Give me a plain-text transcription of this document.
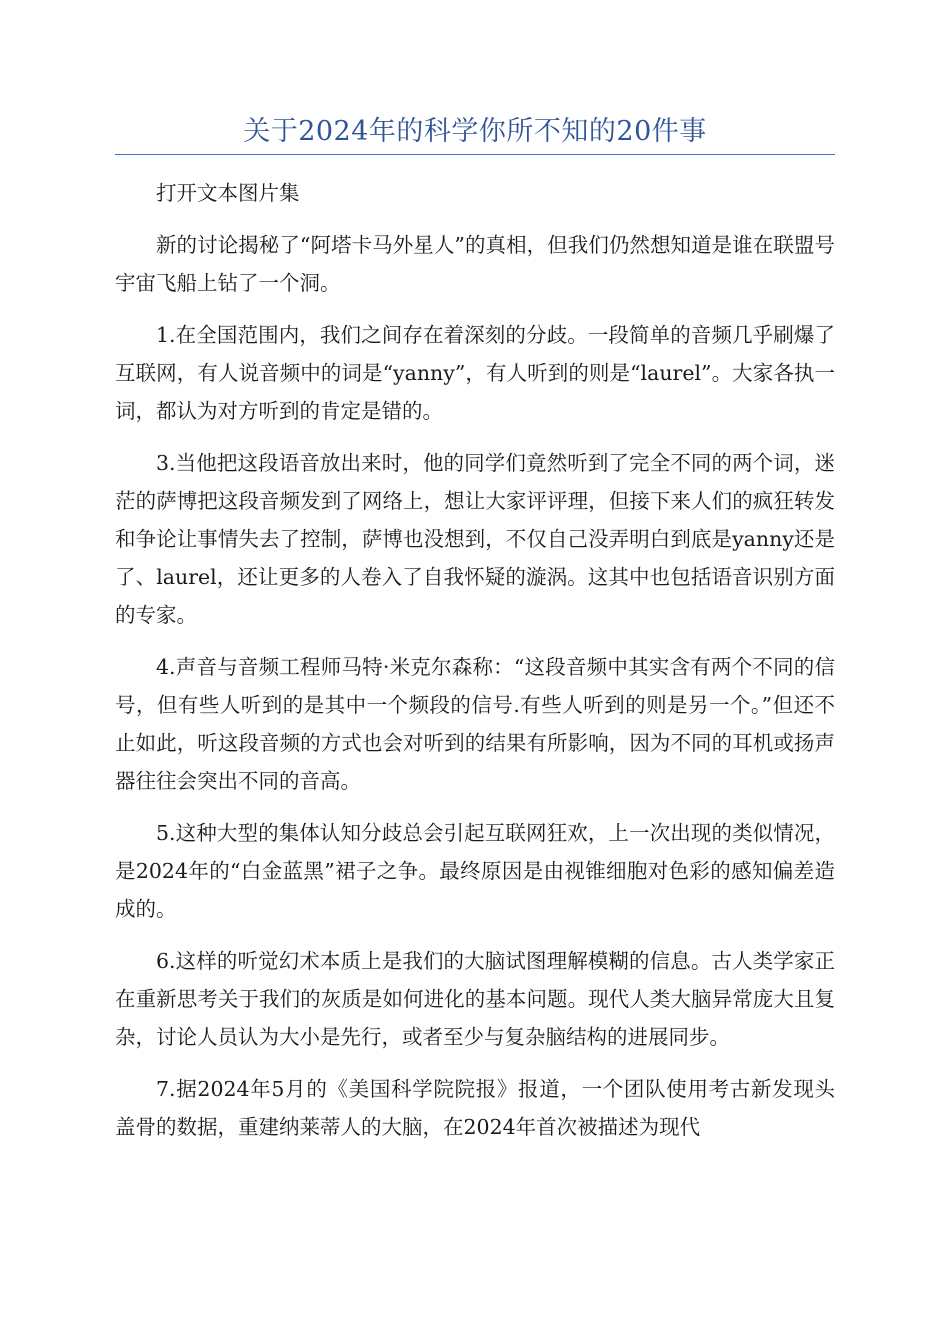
关于2024年的科学你所不知的20件事

打开文本图片集

新的讨论揭秘了“阿塔卡马外星人”的真相，但我们仍然想知道是谁在联盟号宇宙飞船上钻了一个洞。

1.在全国范围内，我们之间存在着深刻的分歧。一段简单的音频几乎刷爆了互联网，有人说音频中的词是“yanny”，有人听到的则是“laurel”。大家各执一词，都认为对方听到的肯定是错的。

3.当他把这段语音放出来时，他的同学们竟然听到了完全不同的两个词，迷茫的萨博把这段音频发到了网络上，想让大家评评理，但接下来人们的疯狂转发和争论让事情失去了控制，萨博也没想到，不仅自己没弄明白到底是yanny还是了、laurel，还让更多的人卷入了自我怀疑的漩涡。这其中也包括语音识别方面的专家。

4.声音与音频工程师马特·米克尔森称：“这段音频中其实含有两个不同的信号，但有些人听到的是其中一个频段的信号.有些人听到的则是另一个。”但还不止如此，听这段音频的方式也会对听到的结果有所影响，因为不同的耳机或扬声器往往会突出不同的音高。

5.这种大型的集体认知分歧总会引起互联网狂欢，上一次出现的类似情况，是2024年的“白金蓝黑”裙子之争。最终原因是由视锥细胞对色彩的感知偏差造成的。

6.这样的听觉幻术本质上是我们的大脑试图理解模糊的信息。古人类学家正在重新思考关于我们的灰质是如何进化的基本问题。现代人类大脑异常庞大且复杂，讨论人员认为大小是先行，或者至少与复杂脑结构的进展同步。

7.据2024年5月的《美国科学院院报》报道，一个团队使用考古新发现头盖骨的数据，重建纳莱蒂人的大脑，在2024年首次被描述为现代
